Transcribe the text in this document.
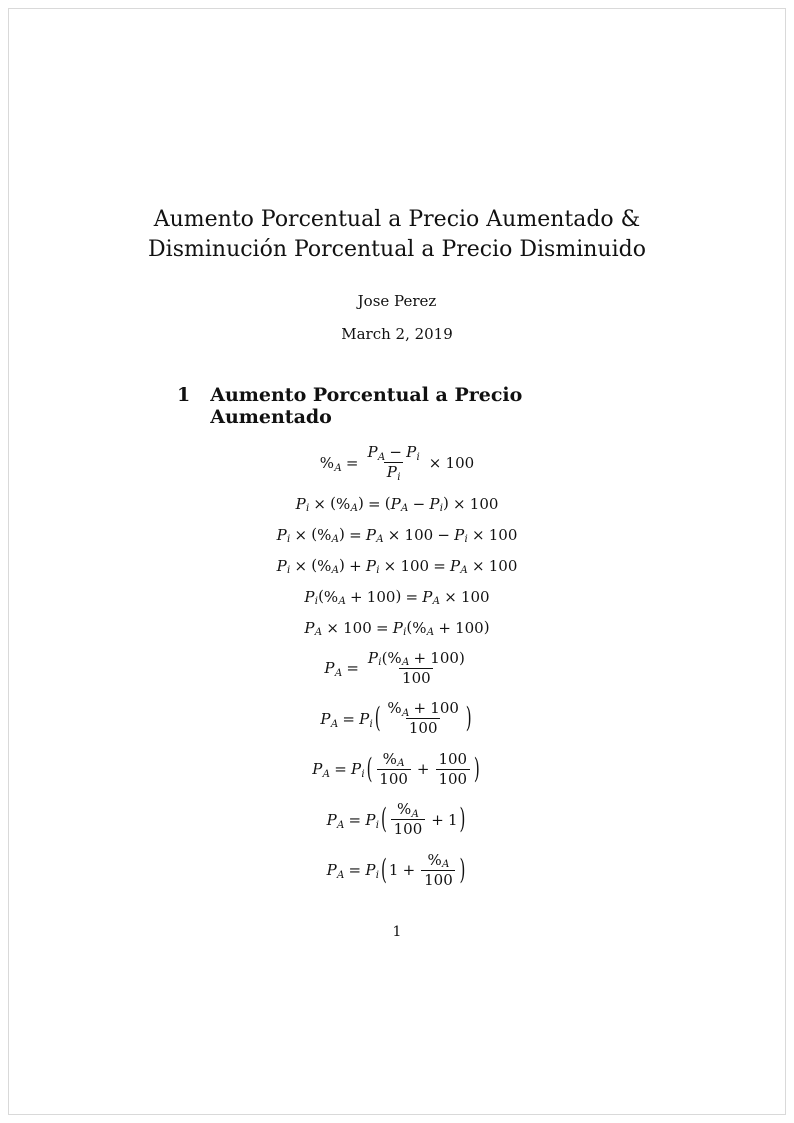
Aumento Porcentual a Precio Aumentado &
Disminución Porcentual a Precio Disminuido
Jose Perez
March 2, 2019
1 Aumento Porcentual a Precio Aumentado
$\%_A = \frac{P_A - P_i}{P_i} \times 100$
$P_i$ × ( $\%_A$ ) = ( $P_A - P_i$ ) × 100
$P_i$ × ( $\%_A$ ) = $P_A \times 100 - P_i \times 100$
$P_i$ × ( $\%_A$ ) + $P_i \times 100 = P_A \times 100$
$P_i$ ( $\%_A + 100$ ) = $P_A \times 100$
$P_A \times 100 = P_i$ ( $\%_A + 100$ )
$P_A = \frac{P_i ( \%_A + 100 )}{100}$
$P_A = P_i$ ( $\frac{\%_A + 100}{100}$ )
$P_A = P_i$ ( $\frac{\%_A}{100} + \frac{100}{100}$ )
$P_A = P_i$ ( $\frac{\%_A}{100} + 1$ )
$P_A = P_i$ ( $1 + \frac{\%_A}{100}$ )
1
